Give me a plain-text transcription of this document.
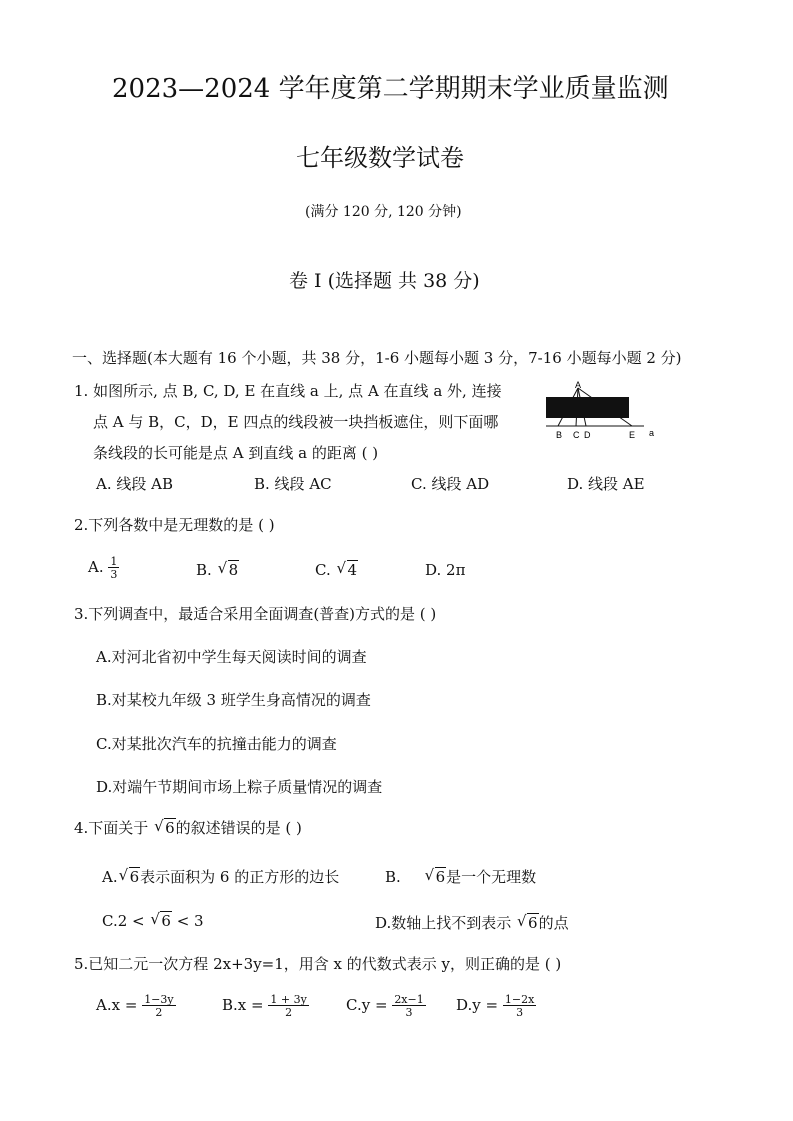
2023—2024 学年度第二学期期末学业质量监测
七年级数学试卷
(满分 120 分, 120 分钟)
卷 I (选择题 共 38 分)
一、选择题(本大题有 16 个小题，共 38 分，1-6 小题每小题 3 分，7-16 小题每小题 2 分)
1. 如图所示, 点 B, C, D, E 在直线 a 上, 点 A 在直线 a 外, 连接
点 A 与 B，C，D，E 四点的线段被一块挡板遮住，则下面哪
条线段的长可能是点 A 到直线 a 的距离 ( )
A. 线段 AB	B. 线段 AC	C. 线段 AD	D. 线段 AE
A
B C D	E a
2.下列各数中是无理数的是 ( )
A. $\frac{1}{3}$	B. √ 8	C. √ 4	D. 2π
3.下列调查中，最适合采用全面调查(普查)方式的是 ( )
A.对河北省初中学生每天阅读时间的调查
B.对某校九年级 3 班学生身高情况的调查
C.对某批次汽车的抗撞击能力的调查
D.对端午节期间市场上粽子质量情况的调查
4.下面关于 √ 6的叙述错误的是 ( )
A. √ 6表示面积为 6 的正方形的边长	B. √ 6是一个无理数
C.2 < √ 6 < 3	D.数轴上找不到表示 √ 6的点
5.已知二元一次方程 2x+3y=1，用含 x 的代数式表示 y，则正确的是 ( )
$A.x = \frac{1-3y}{2}$	$B.x = \frac{1 + 3y}{2} C.y = \frac{2x-1}{3} D.y = \frac{1-2x}{3}$
